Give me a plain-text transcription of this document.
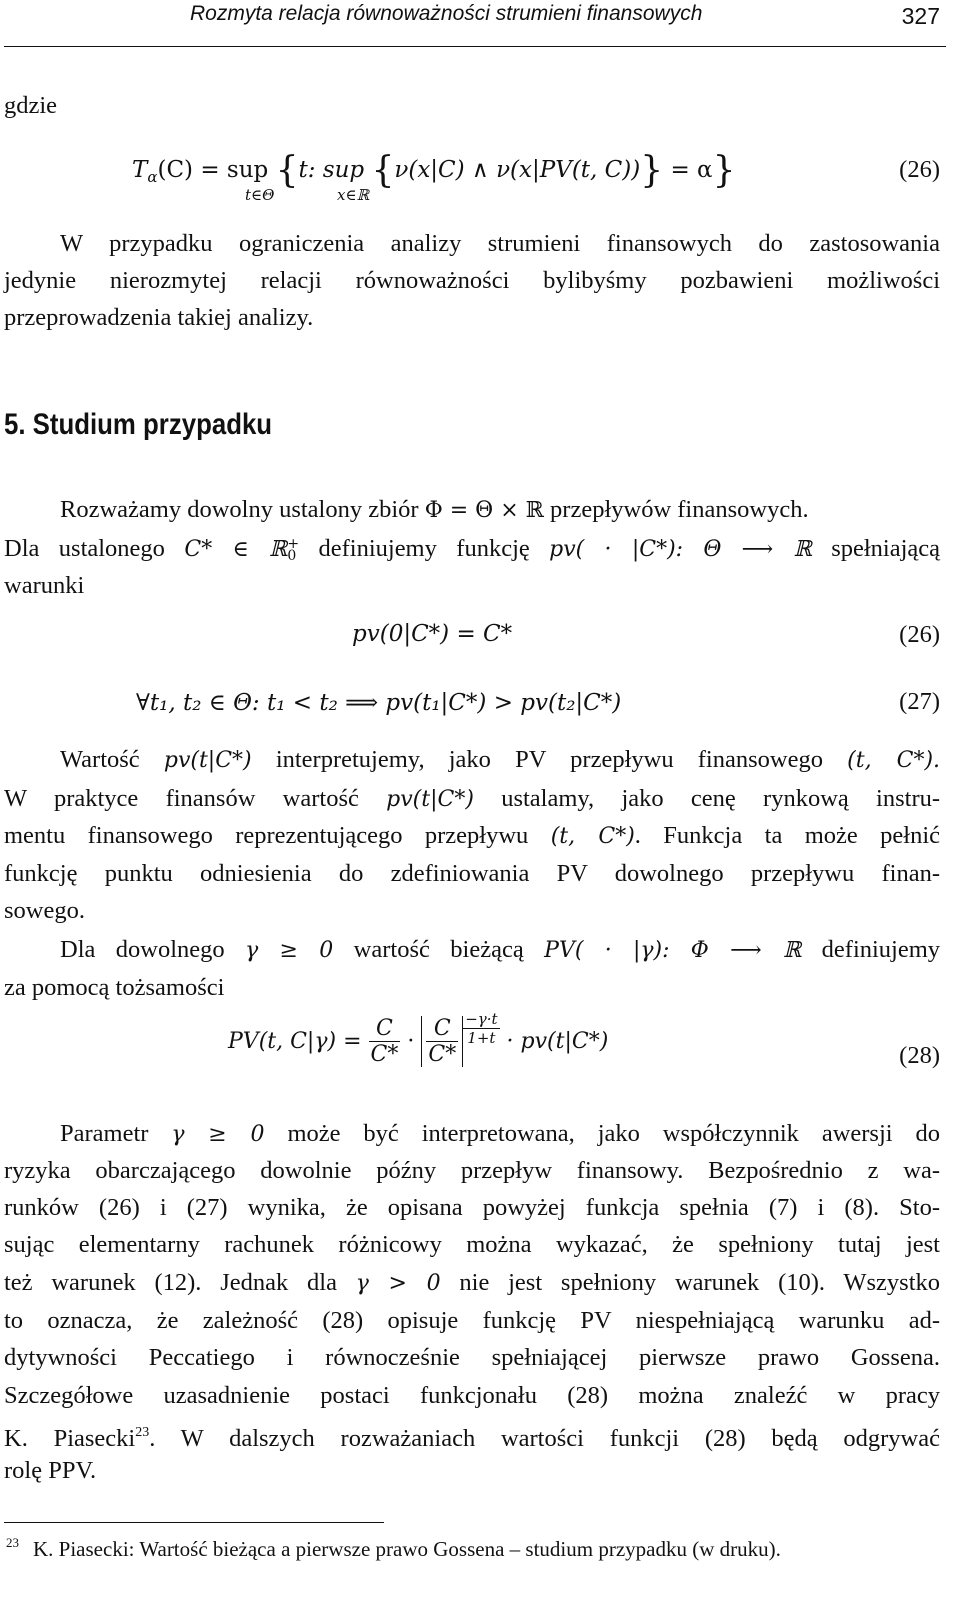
Rozmyta relacja równoważności strumieni finansowych	327
gdzie
$T_\alpha(C)$ = sup {t: sup {ν(x|C) ∧ ν(x|PV(t, C))} = α}
t∈Θ	x∈ℝ
(26)
W przypadku ograniczenia analizy strumieni finansowych do zastosowania
jedynie nierozmytej relacji równoważności bylibyśmy pozbawieni możliwości
przeprowadzenia takiej analizy.
5. Studium przypadku
Rozważamy dowolny ustalony zbiór Φ = Θ × ℝ przepływów finansowych.
Dla ustalonego C* ∈ ℝ +
0 definiujemy funkcję pv( · |C*): Θ ⟶ ℝ spełniającą
warunki
pv(0|C*) = C*	(26)
∀t₁, t₂ ∈ Θ: t₁ < t₂ ⟹ pv(t₁|C*) > pv(t₂|C*)	(27)
Wartość pv(t|C*) interpretujemy, jako PV przepływu finansowego (t, C*).
W praktyce finansów wartość pv(t|C*) ustalamy, jako cenę rynkową instru-
mentu finansowego reprezentującego przepływu (t, C*). Funkcja ta może pełnić
funkcję punktu odniesienia do zdefiniowania PV dowolnego przepływu finan-
sowego.
Dla dowolnego γ ≥ 0 wartość bieżącą PV( · |γ): Φ ⟶ ℝ definiujemy
za pomocą tożsamości
PV(t, $C|\gamma) = \frac{C}{C*} \cdot \frac{C}{C*} \frac{-\gamma\cdot t}{1+t} \cdot pv(t|C*)$
(28)
Parametr γ ≥ 0 może być interpretowana, jako współczynnik awersji do
ryzyka obarczającego dowolnie późny przepływ finansowy. Bezpośrednio z wa-
runków (26) i (27) wynika, że opisana powyżej funkcja spełnia (7) i (8). Sto-
sując elementarny rachunek różnicowy można wykazać, że spełniony tutaj jest
też warunek (12). Jednak dla γ > 0 nie jest spełniony warunek (10). Wszystko
to oznacza, że zależność (28) opisuje funkcję PV niespełniającą warunku ad-
dytywności Peccatiego i równocześnie spełniającej pierwsze prawo Gossena.
Szczegółowe uzasadnienie postaci funkcjonału (28) można znaleźć w pracy
K. Piasecki$^{23}$. W dalszych rozważaniach wartości funkcji (28) będą odgrywać
rolę PPV.
$^{23}$ K. Piasecki: Wartość bieżąca a pierwsze prawo Gossena – studium przypadku (w druku).
